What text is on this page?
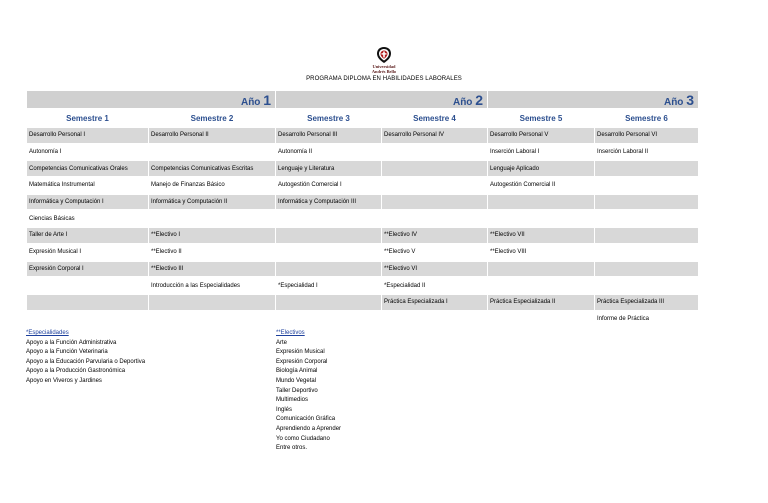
Universidad
Andrés Bello
PROGRAMA DIPLOMA EN HABILIDADES LABORALES
Año 1		Año 2		Año 3	
Semestre 1	Semestre 2	Semestre 3	Semestre 4	Semestre 5	Semestre 6
Desarrollo Personal I	Desarrollo Personal II	Desarrollo Personal III	Desarrollo Personal IV	Desarrollo Personal V	Desarrollo Personal VI
Autonomía I		Autonomía II		Inserción Laboral I	Inserción Laboral II
Competencias Comunicativas Orales	Competencias Comunicativas Escritas	Lenguaje y Literatura		Lenguaje Aplicado	
Matemática Instrumental	Manejo de Finanzas Básico	Autogestión Comercial I		Autogestión Comercial II	
Informática y Computación I	Informática y Computación II	Informática y Computación III			
Ciencias Básicas					
Taller de Arte I	**Electivo I		**Electivo IV	**Electivo VII	
Expresión Musical I	**Electivo II		**Electivo V	**Electivo VIII	
Expresión Corporal I	**Electivo III		**Electivo VI		
	Introducción a las Especialidades	*Especialidad I	*Especialidad II		
			Práctica Especializada I	Práctica Especializada II	Práctica Especializada III
					Informe de Práctica
*Especialidades
Apoyo a la Función Administrativa
Apoyo a la Función Veterinaria
Apoyo a la Educación Parvularia o Deportiva
Apoyo a la Producción Gastronómica
Apoyo en Viveros y Jardines
**Electivos
Arte
Expresión Musical
Expresión Corporal
Biología Animal
Mundo Vegetal
Taller Deportivo
Multimedios
Inglés
Comunicación Gráfica
Aprendiendo a Aprender
Yo como Ciudadano
Entre otros.
